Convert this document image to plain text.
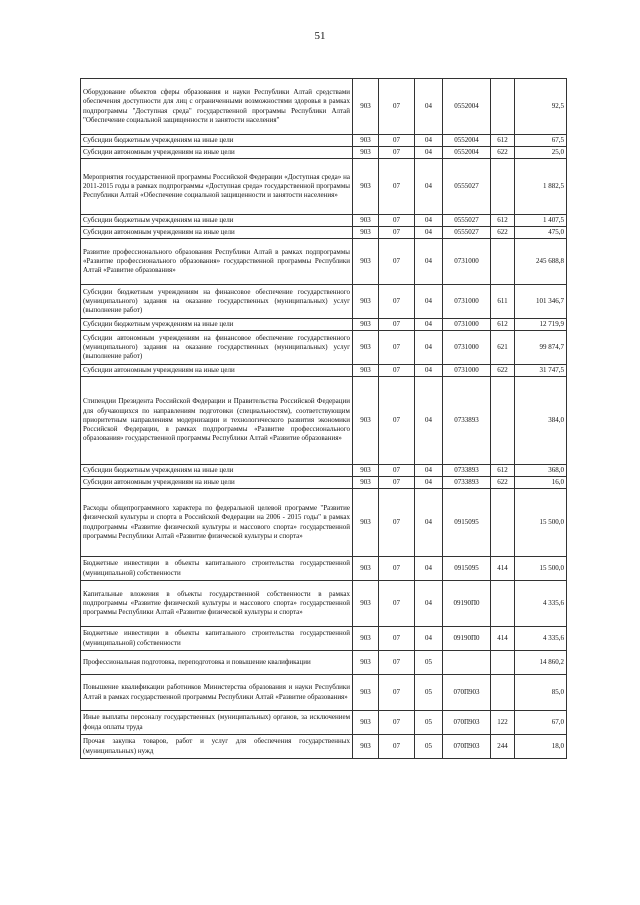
51
Оборудование объектов сферы образования и науки Республики Алтай средствами обеспечения доступности для лиц с ограниченными возможностями здоровья в рамках подпрограммы "Доступная среда" государственной программы Республики Алтай "Обеспечение социальной защищенности и занятости населения"	903	07	04	0552004		92,5
Субсидии бюджетным учреждениям на иные цели	903	07	04	0552004	612	67,5
Субсидии автономным учреждениям на иные цели	903	07	04	0552004	622	25,0
Мероприятия государственной программы Российской Федерации «Доступная среда» на 2011-2015 годы в рамках подпрограммы «Доступная среда» государственной программы Республики Алтай «Обеспечение социальной защищенности и занятости населения»	903	07	04	0555027		1 882,5
Субсидии бюджетным учреждениям на иные цели	903	07	04	0555027	612	1 407,5
Субсидии автономным учреждениям на иные цели	903	07	04	0555027	622	475,0
Развитие профессионального образования Республики Алтай в рамках подпрограммы «Развитие профессионального образования» государственной программы Республики Алтай «Развитие образования»	903	07	04	0731000		245 688,8
Субсидии бюджетным учреждениям на финансовое обеспечение государственного (муниципального) задания на оказание государственных (муниципальных) услуг (выполнение работ)	903	07	04	0731000	611	101 346,7
Субсидии бюджетным учреждениям на иные цели	903	07	04	0731000	612	12 719,9
Субсидии автономным учреждениям на финансовое обеспечение государственного (муниципального) задания на оказание государственных (муниципальных) услуг (выполнение работ)	903	07	04	0731000	621	99 874,7
Субсидии автономным учреждениям на иные цели	903	07	04	0731000	622	31 747,5
Стипендии Президента Российской Федерации и Правительства Российской Федерации для обучающихся по направлениям подготовки (специальностям), соответствующим приоритетным направлениям модернизации и технологического развития экономики Российской Федерации, в рамках подпрограммы «Развитие профессионального образования» государственной программы Республики Алтай «Развитие образования»	903	07	04	0733893		384,0
Субсидии бюджетным учреждениям на иные цели	903	07	04	0733893	612	368,0
Субсидии автономным учреждениям на иные цели	903	07	04	0733893	622	16,0
Расходы общепрограммного характера по федеральной целевой программе "Развитие физической культуры и спорта в Российской Федерации на 2006 - 2015 годы" в рамках подпрограммы «Развитие физической культуры и массового спорта» государственной программы Республики Алтай «Развитие физической культуры и спорта»	903	07	04	0915095		15 500,0
Бюджетные инвестиции в объекты капитального строительства государственной (муниципальной) собственности	903	07	04	0915095	414	15 500,0
Капитальные вложения в объекты государственной собственности в рамках подпрограммы «Развитие физической культуры и массового спорта» государственной программы Республики Алтай «Развитие физической культуры и спорта»	903	07	04	09190П0		4 335,6
Бюджетные инвестиции в объекты капитального строительства государственной (муниципальной) собственности	903	07	04	09190П0	414	4 335,6
Профессиональная подготовка, переподготовка и повышение квалификации	903	07	05			14 860,2
Повышение квалификации работников Министерства образования и науки Республики Алтай в рамках государственной программы Республики Алтай «Развитие образования»	903	07	05	070П903		85,0
Иные выплаты персоналу государственных (муниципальных) органов, за исключением фонда оплаты труда	903	07	05	070П903	122	67,0
Прочая закупка товаров, работ и услуг для обеспечения государственных (муниципальных) нужд	903	07	05	070П903	244	18,0
